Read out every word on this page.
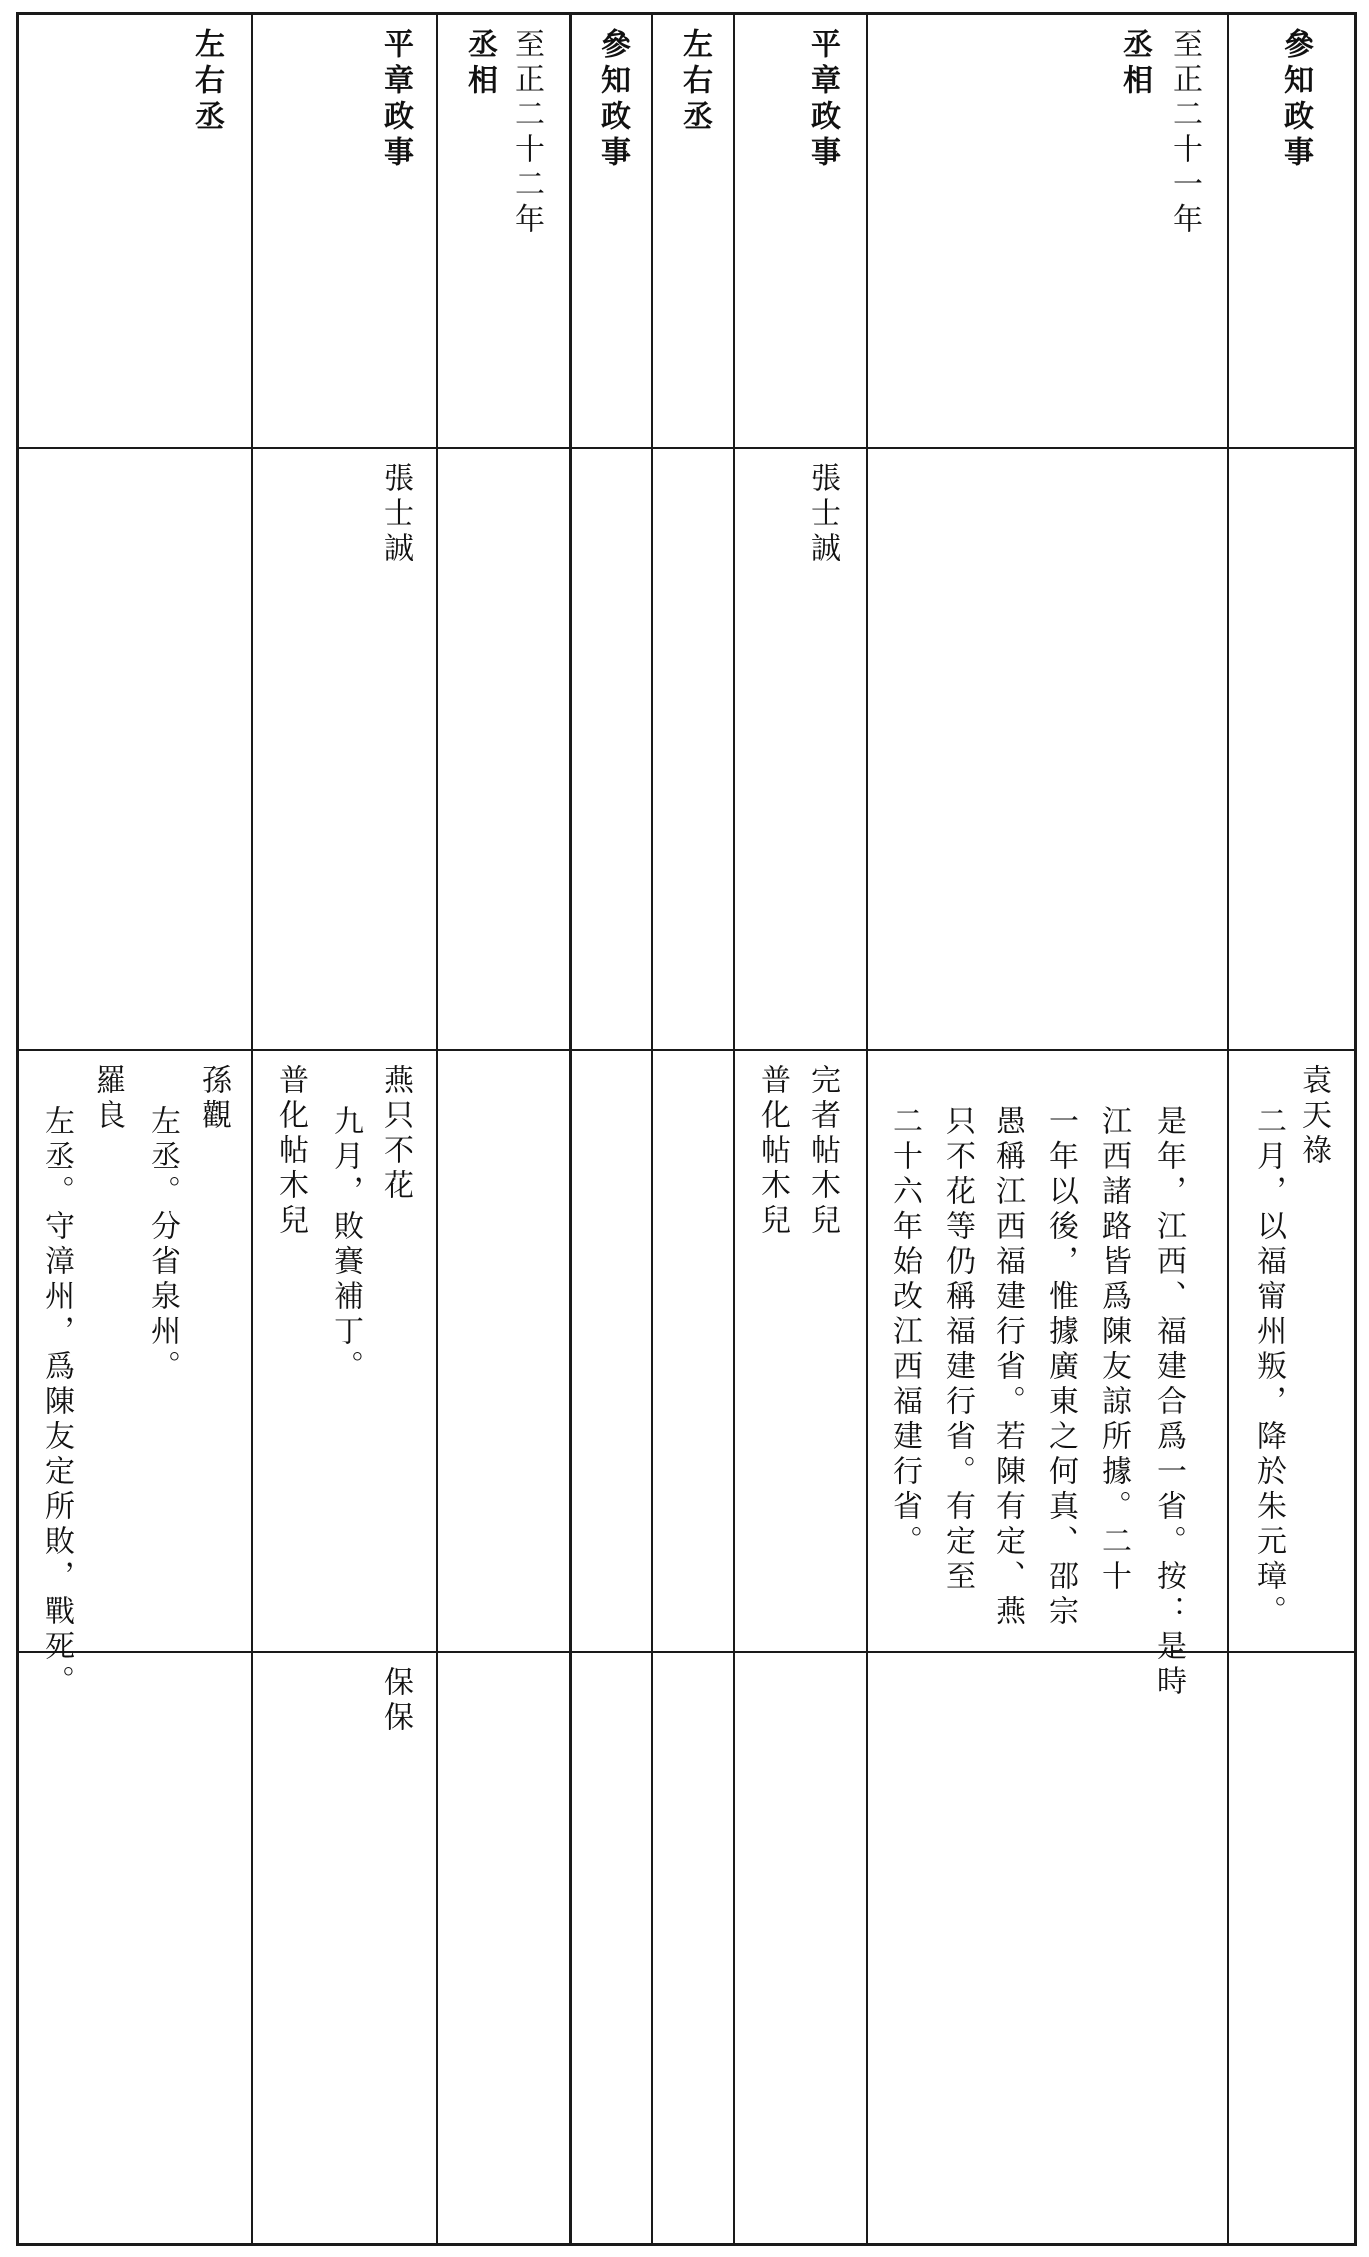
參知政事
丞相 至正二十一年
平章政事
左右丞
參知政事
丞相 至正二十二年
平章政事
左右丞
張士誠
張士誠
袁天祿
二月，以福甯州叛，降於朱元璋。
是年，江西、福建合爲一省。按：是時
江西諸路皆爲陳友諒所據。二十
一年以後，惟據廣東之何真、邵宗
愚稱江西福建行省。若陳有定、燕
只不花等仍稱福建行省。有定至
二十六年始改江西福建行省。
完者帖木兒
普化帖木兒
燕只不花
九月，敗賽補丁。
普化帖木兒
孫觀
左丞。分省泉州。
羅良
左丞。守漳州，爲陳友定所敗，戰死。
保保
